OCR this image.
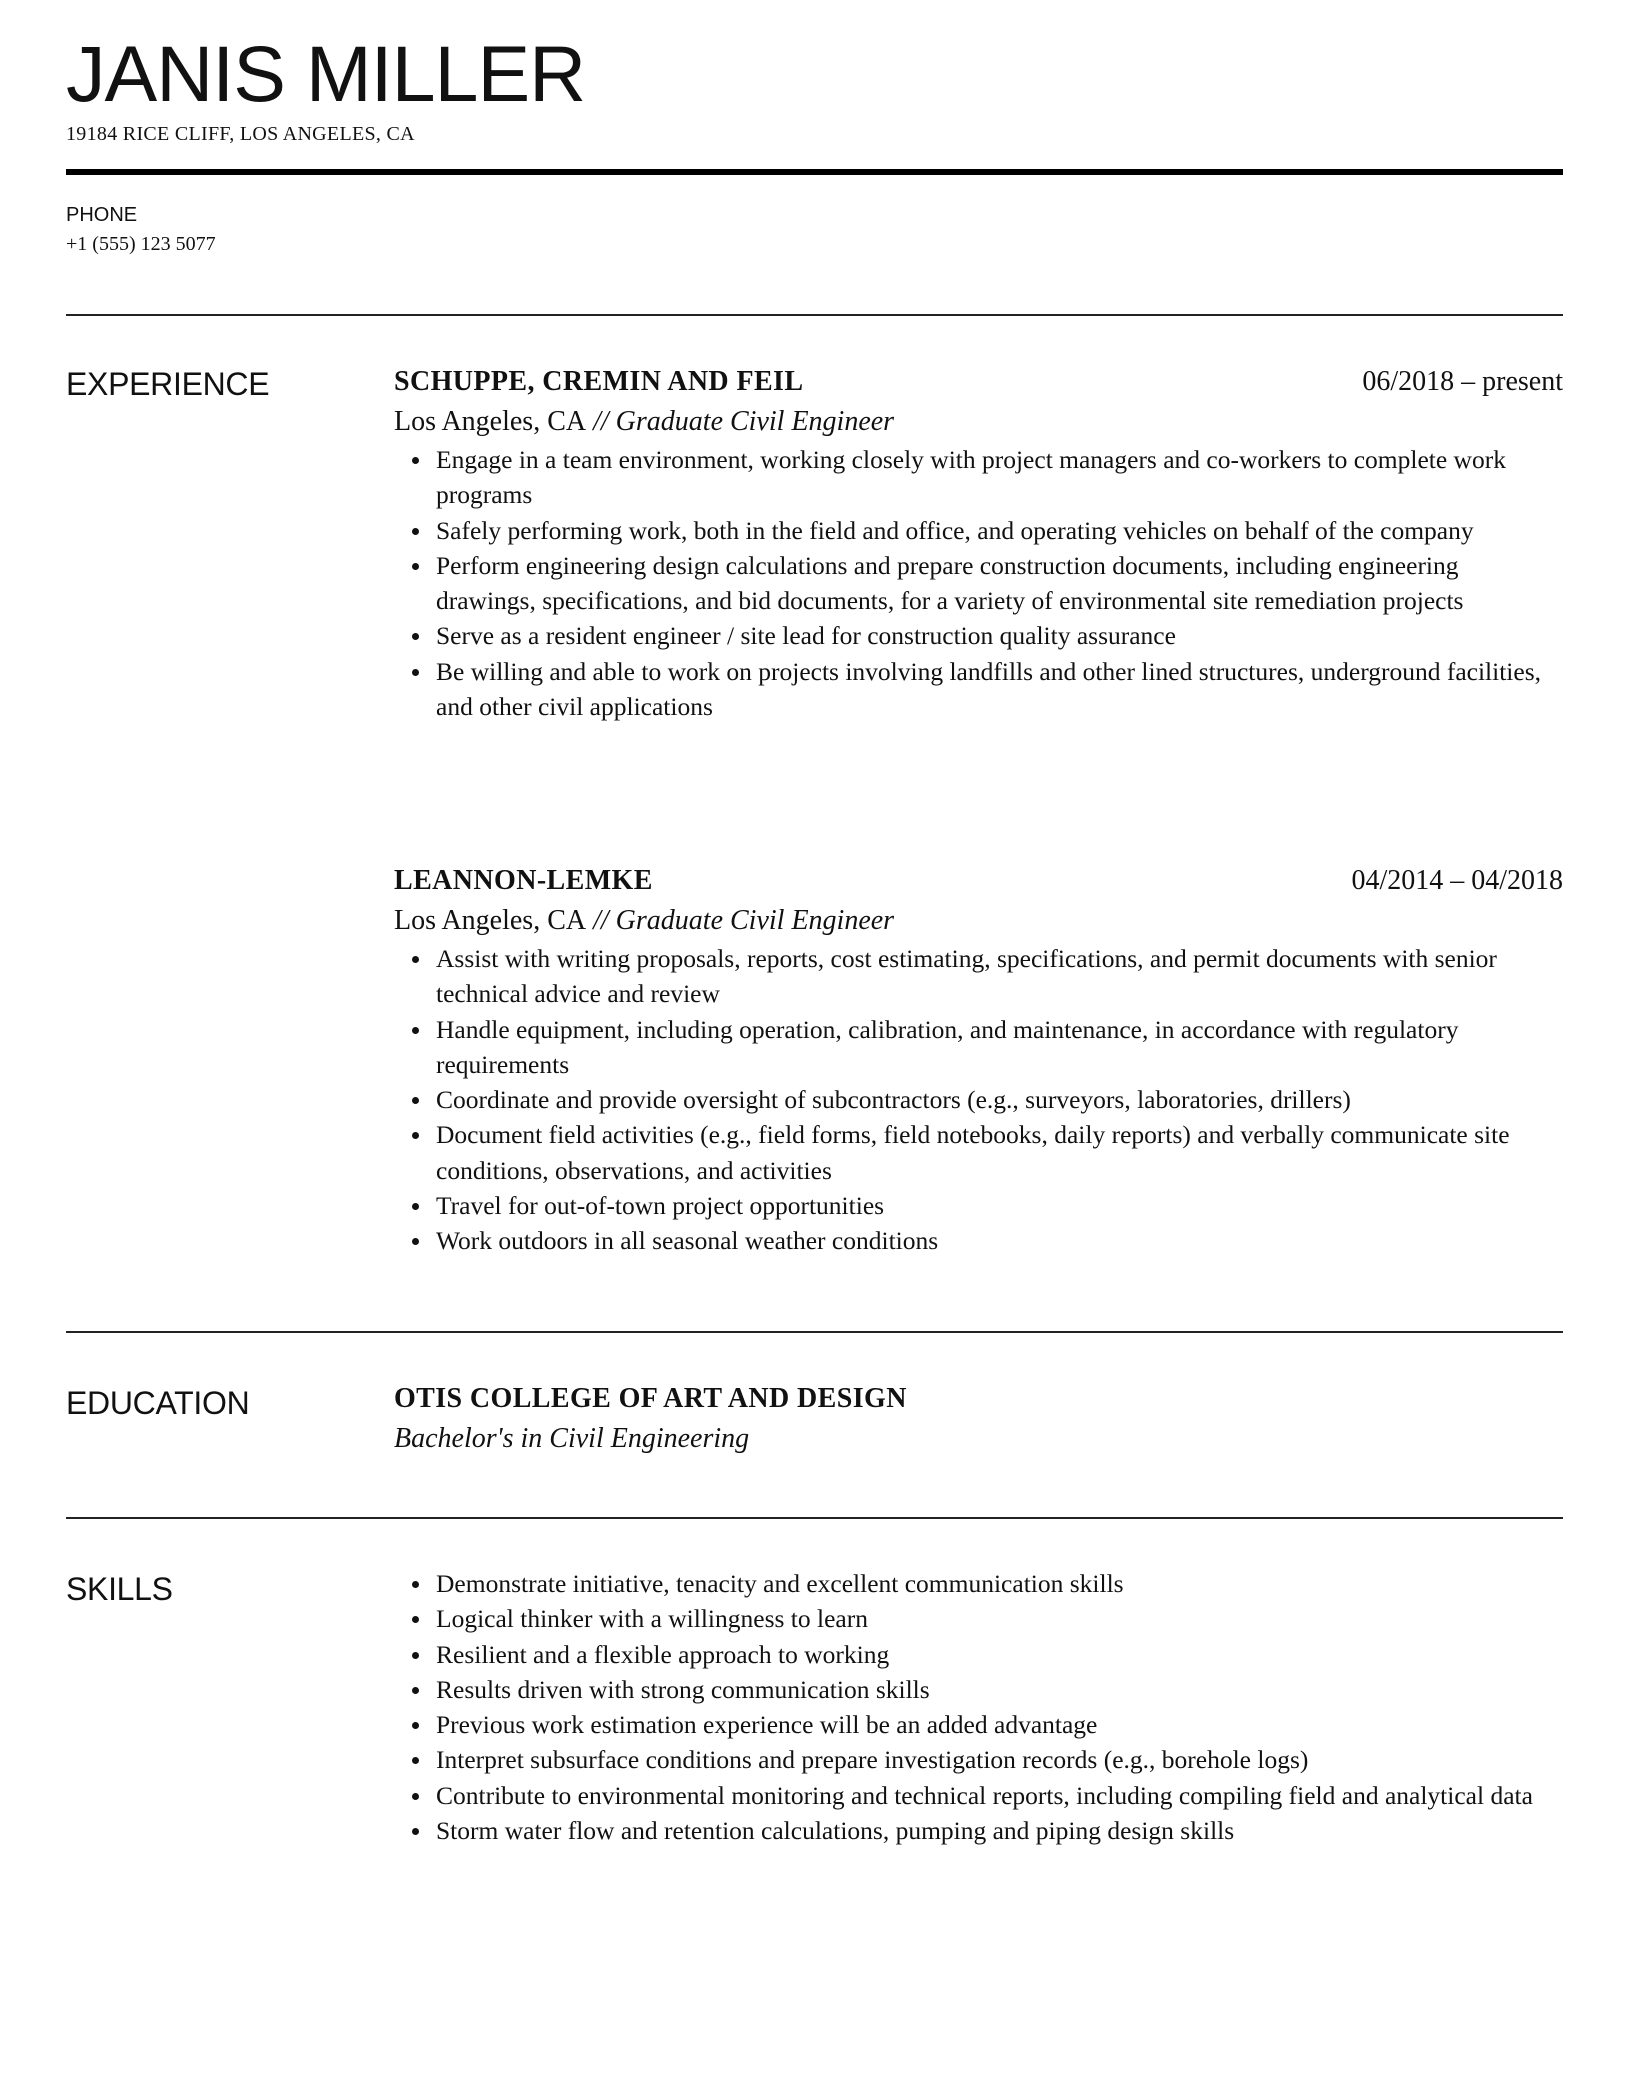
JANIS MILLER
19184 RICE CLIFF, LOS ANGELES, CA
PHONE
+1 (555) 123 5077
EXPERIENCE	SCHUPPE, CREMIN AND FEIL	06/2018 – present
Los Angeles, CA // Graduate Civil Engineer
Engage in a team environment, working closely with project managers and co-workers to complete work programs
Safely performing work, both in the field and office, and operating vehicles on behalf of the company
Perform engineering design calculations and prepare construction documents, including engineering drawings, specifications, and bid documents, for a variety of environmental site remediation projects
Serve as a resident engineer / site lead for construction quality assurance
Be willing and able to work on projects involving landfills and other lined structures, underground facilities, and other civil applications
LEANNON-LEMKE	04/2014 – 04/2018
Los Angeles, CA // Graduate Civil Engineer
Assist with writing proposals, reports, cost estimating, specifications, and permit documents with senior technical advice and review
Handle equipment, including operation, calibration, and maintenance, in accordance with regulatory requirements
Coordinate and provide oversight of subcontractors (e.g., surveyors, laboratories, drillers)
Document field activities (e.g., field forms, field notebooks, daily reports) and verbally communicate site conditions, observations, and activities
Travel for out-of-town project opportunities
Work outdoors in all seasonal weather conditions
EDUCATION	OTIS COLLEGE OF ART AND DESIGN
Bachelor's in Civil Engineering
SKILLS	Demonstrate initiative, tenacity and excellent communication skills
Logical thinker with a willingness to learn
Resilient and a flexible approach to working
Results driven with strong communication skills
Previous work estimation experience will be an added advantage
Interpret subsurface conditions and prepare investigation records (e.g., borehole logs)
Contribute to environmental monitoring and technical reports, including compiling field and analytical data
Storm water flow and retention calculations, pumping and piping design skills
